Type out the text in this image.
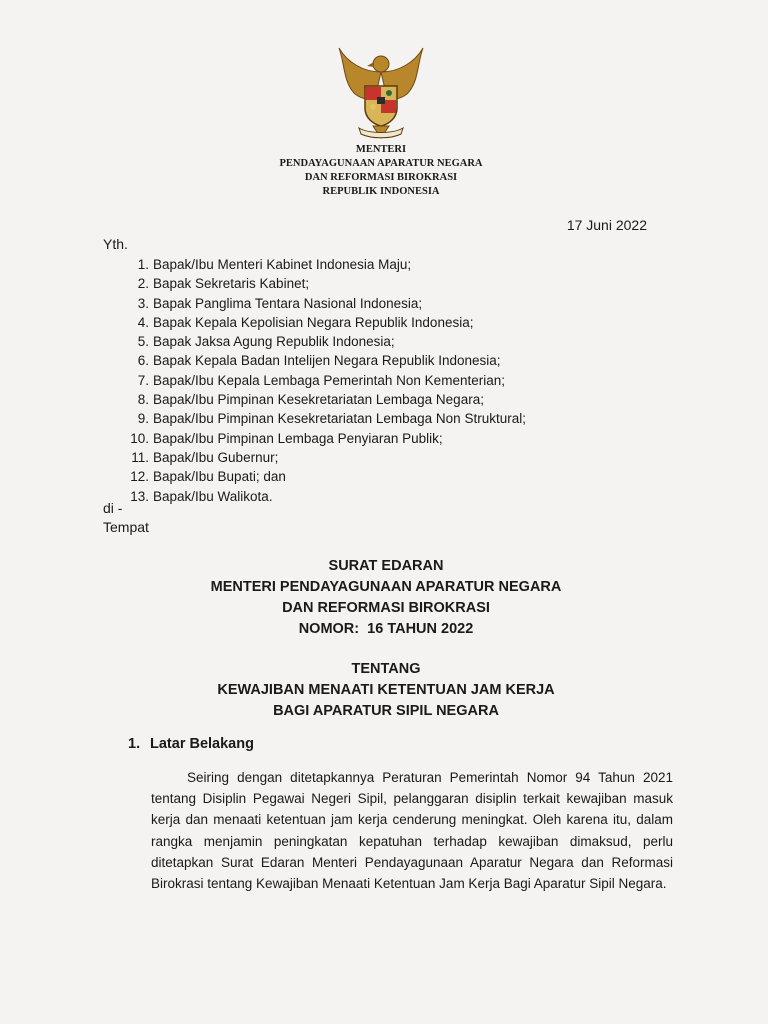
MENTERI
PENDAYAGUNAAN APARATUR NEGARA
DAN REFORMASI BIROKRASI
REPUBLIK INDONESIA
17 Juni 2022
Yth.
1. Bapak/Ibu Menteri Kabinet Indonesia Maju;
2. Bapak Sekretaris Kabinet;
3. Bapak Panglima Tentara Nasional Indonesia;
4. Bapak Kepala Kepolisian Negara Republik Indonesia;
5. Bapak Jaksa Agung Republik Indonesia;
6. Bapak Kepala Badan Intelijen Negara Republik Indonesia;
7. Bapak/Ibu Kepala Lembaga Pemerintah Non Kementerian;
8. Bapak/Ibu Pimpinan Kesekretariatan Lembaga Negara;
9. Bapak/Ibu Pimpinan Kesekretariatan Lembaga Non Struktural;
10. Bapak/Ibu Pimpinan Lembaga Penyiaran Publik;
11. Bapak/Ibu Gubernur;
12. Bapak/Ibu Bupati; dan
13. Bapak/Ibu Walikota.
di -
Tempat
SURAT EDARAN
MENTERI PENDAYAGUNAAN APARATUR NEGARA
DAN REFORMASI BIROKRASI
NOMOR:  16 TAHUN 2022
TENTANG
KEWAJIBAN MENAATI KETENTUAN JAM KERJA
BAGI APARATUR SIPIL NEGARA
1. Latar Belakang
Seiring dengan ditetapkannya Peraturan Pemerintah Nomor 94 Tahun 2021 tentang Disiplin Pegawai Negeri Sipil, pelanggaran disiplin terkait kewajiban masuk kerja dan menaati ketentuan jam kerja cenderung meningkat. Oleh karena itu, dalam rangka menjamin peningkatan kepatuhan terhadap kewajiban dimaksud, perlu ditetapkan Surat Edaran Menteri Pendayagunaan Aparatur Negara dan Reformasi Birokrasi tentang Kewajiban Menaati Ketentuan Jam Kerja Bagi Aparatur Sipil Negara.
